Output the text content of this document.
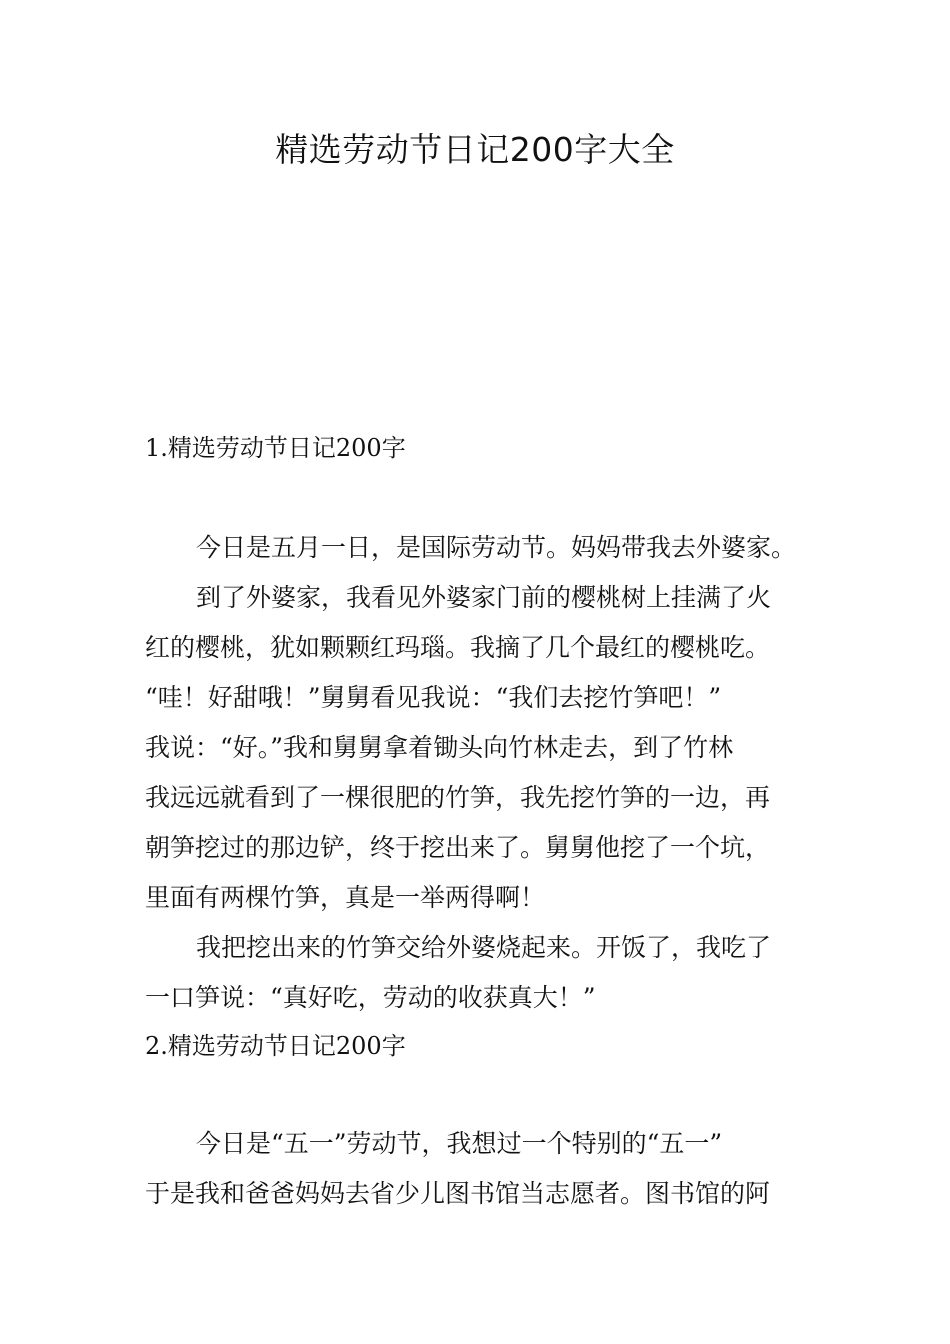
精选劳动节日记200字大全

1.精选劳动节日记200字

今日是五月一日，是国际劳动节。妈妈带我去外婆家。

到了外婆家，我看见外婆家门前的樱桃树上挂满了火

红的樱桃，犹如颗颗红玛瑙。我摘了几个最红的樱桃吃。

“哇！好甜哦！”舅舅看见我说：“我们去挖竹笋吧！”

我说：“好。”我和舅舅拿着锄头向竹林走去，到了竹林

我远远就看到了一棵很肥的竹笋，我先挖竹笋的一边，再

朝笋挖过的那边铲，终于挖出来了。舅舅他挖了一个坑，

里面有两棵竹笋，真是一举两得啊！

我把挖出来的竹笋交给外婆烧起来。开饭了，我吃了

一口笋说：“真好吃，劳动的收获真大！”

2.精选劳动节日记200字

今日是“五一”劳动节，我想过一个特别的“五一”

于是我和爸爸妈妈去省少儿图书馆当志愿者。图书馆的阿
